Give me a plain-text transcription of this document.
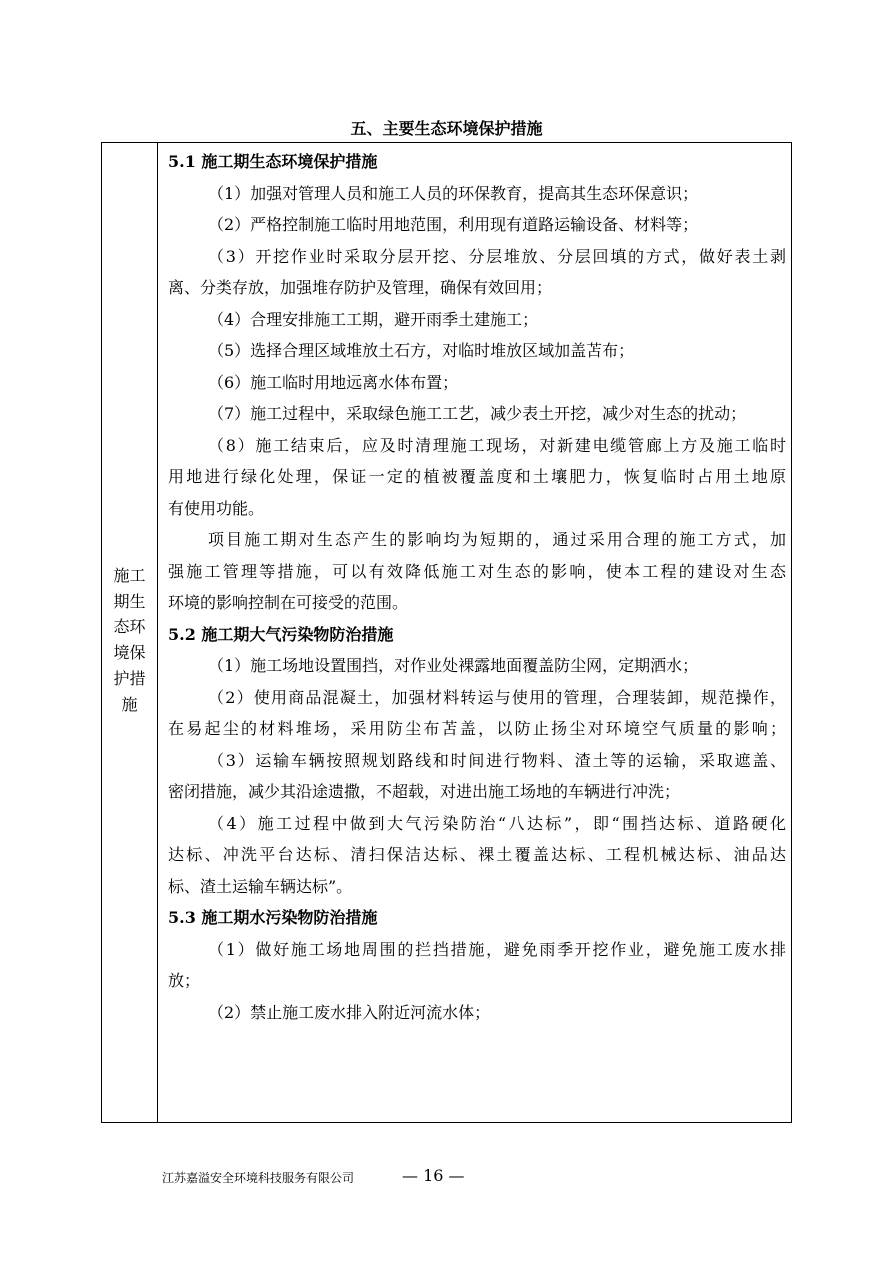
五、主要生态环境保护措施
施工
期生
态环
境保
护措
施
5.1 施工期生态环境保护措施
（1）加强对管理人员和施工人员的环保教育，提高其生态环保意识；
（2）严格控制施工临时用地范围，利用现有道路运输设备、材料等；
（3）开挖作业时采取分层开挖、分层堆放、分层回填的方式，做好表土剥
离、分类存放，加强堆存防护及管理，确保有效回用；
（4）合理安排施工工期，避开雨季土建施工；
（5）选择合理区域堆放土石方，对临时堆放区域加盖苫布；
（6）施工临时用地远离水体布置；
（7）施工过程中，采取绿色施工工艺，减少表土开挖，减少对生态的扰动；
（8）施工结束后，应及时清理施工现场，对新建电缆管廊上方及施工临时
用地进行绿化处理，保证一定的植被覆盖度和土壤肥力，恢复临时占用土地原
有使用功能。
项目施工期对生态产生的影响均为短期的，通过采用合理的施工方式，加
强施工管理等措施，可以有效降低施工对生态的影响，使本工程的建设对生态
环境的影响控制在可接受的范围。
5.2 施工期大气污染物防治措施
（1）施工场地设置围挡，对作业处裸露地面覆盖防尘网，定期洒水；
（2）使用商品混凝土，加强材料转运与使用的管理，合理装卸，规范操作，
在易起尘的材料堆场，采用防尘布苫盖，以防止扬尘对环境空气质量的影响；
（3）运输车辆按照规划路线和时间进行物料、渣土等的运输，采取遮盖、
密闭措施，减少其沿途遗撒，不超载，对进出施工场地的车辆进行冲洗；
（4）施工过程中做到大气污染防治“八达标”，即“围挡达标、道路硬化
达标、冲洗平台达标、清扫保洁达标、裸土覆盖达标、工程机械达标、油品达
标、渣土运输车辆达标”。
5.3 施工期水污染物防治措施
（1）做好施工场地周围的拦挡措施，避免雨季开挖作业，避免施工废水排
放；
（2）禁止施工废水排入附近河流水体；
江苏嘉溢安全环境科技服务有限公司	— 16 —
